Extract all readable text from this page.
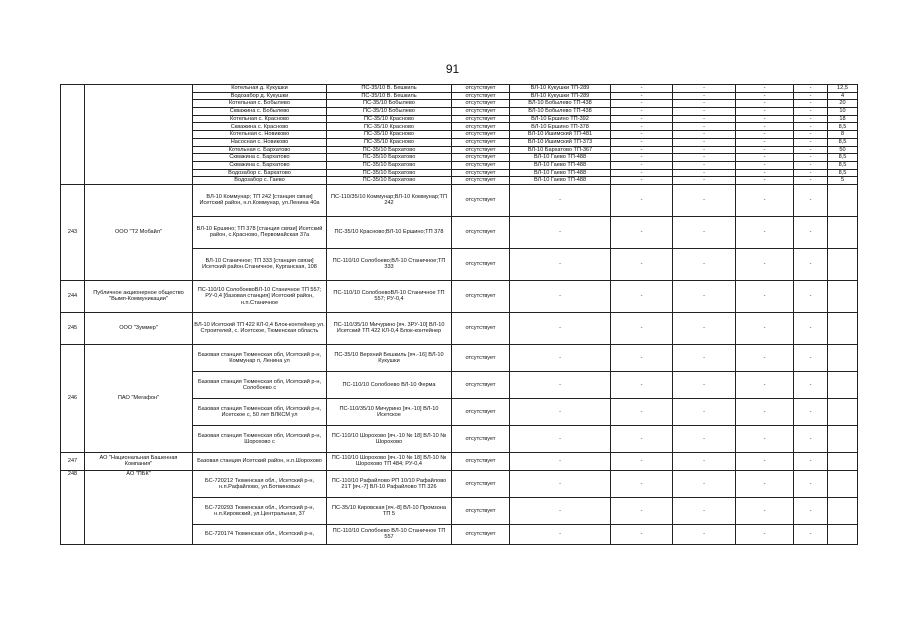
91
		Котельная д. Кукушки	ПС-35/10 В. Бешкиль	отсутствует	ВЛ-10 Кукушки ТП-289	-	-	-	-	12,5
		Водозабор д. Кукушки	ПС-35/10 В. Бешкиль	отсутствует	ВЛ-10 Кукушки ТП-289	-	-	-	-	4
		Котельная с. Бобылево	ПС-35/10 Бобылево	отсутствует	ВЛ-10 Бобылево ТП-438	-	-	-	-	20
		Скважина с. Бобылево	ПС-35/10 Бобылево	отсутствует	ВЛ-10 Бобылево ТП-438	-	-	-	-	10
		Котельная с. Красново	ПС-35/10 Красново	отсутствует	ВЛ-10 Ершино ТП-392	-	-	-	-	18
		Скважина с. Красново	ПС-35/10 Красново	отсутствует	ВЛ-10 Ершино ТП-378	-	-	-	-	8,5
		Котельная с. Новиково	ПС-35/10 Красново	отсутствует	ВЛ-10 Ишимский ТП-481	-	-	-	-	8
		Насосная с. Новиково	ПС-35/10 Красново	отсутствует	ВЛ-10 Ишимский ТП-373	-	-	-	-	8,5
		Котельная с. Бархатово	ПС-35/10 Бархатово	отсутствует	ВЛ-10 Бархатово ТП-367	-	-	-	-	50
		Скважина с. Бархатово	ПС-35/10 Бархатово	отсутствует	ВЛ-10 Гаево ТП-488	-	-	-	-	8,5
		Скважина с. Бархатово	ПС-35/10 Бархатово	отсутствует	ВЛ-10 Гаево ТП-488	-	-	-	-	8,5
		Водозабор с. Бархатово	ПС-35/10 Бархатово	отсутствует	ВЛ-10 Гаево ТП-488	-	-	-	-	8,5
		Водозабор с. Гаево	ПС-35/10 Бархатово	отсутствует	ВЛ-10 Гаево ТП-488	-	-	-	-	5
243	ООО "Т2 Мобайл"	ВЛ-10 Коммунар; ТП 242 [станция связи] Исетский район, н.п.Коммунар, ул.Ленина 40а	ПС-110/35/10 Коммунар;ВЛ-10 Коммунар;ТП 242	отсутствует	-	-	-	-	-	
		ВЛ-10 Ершино; ТП 378 [станция связи] Исетский район, с.Красново, Первомайская 37а	ПС-35/10 Красново;ВЛ-10 Ершино;ТП 378	отсутствует	-	-	-	-	-	
		ВЛ-10 Станичное; ТП 333 [станция связи] Исетский район.Станичное, Курганская, 108	ПС-110/10 Солобоево;ВЛ-10 Станичное;ТП 333	отсутствует	-	-	-	-	-	
244	Публичное акционерное общество "Вымп-Коммуникации"	ПС-110/10 СолобоевоВЛ-10 Станичное ТП 557; РУ-0,4 [базовая станция] Исетский район, н.п.Станичное	ПС-110/10 СолобоевоВЛ-10 Станичное ТП 557; РУ-0,4	отсутствует	-	-	-	-	-	
245	ООО "Зуммер"	ВЛ-10 Исетский ТП 422 КЛ-0,4 Блок-контейнер ул. Строителей, с. Исетское, Тюменская область	ПС-110/35/10 Мичурино [яч. 3РУ-10] ВЛ-10 Исетский ТП 422 КЛ-0,4 Блок-контейнер	отсутствует	-	-	-	-	-	
246	ПАО "Мегафон"	Базовая станция Тюменская обл, Исетский р-н, Коммунар п, Ленина ул	ПС-35/10 Верхний Бешкиль [яч.-16] ВЛ-10 Кукушки	отсутствует	-	-	-	-	-	
		Базовая станция Тюменская обл, Исетский р-н, Солобоево с	ПС-110/10 Солобоево ВЛ-10 Ферма	отсутствует	-	-	-	-	-	
		Базовая станция Тюменская обл, Исетский р-н, Исетское с, 50 лет ВЛКСМ ул	ПС-110/35/10 Мичурино [яч.-10] ВЛ-10 Исетское	отсутствует	-	-	-	-	-	
		Базовая станция Тюменская обл, Исетский р-н, Шорохово с	ПС-110/10 Шорохово [яч.-10 № 18] ВЛ-10 № Шорохово	отсутствует	-	-	-	-	-	
247	АО "Национальная Башенная Компания"	Базовая станция Исетский район, н.п.Шорохово	ПС-110/10 Шорохово [яч.-10 № 18] ВЛ-10 № Шорохово ТП 484; РУ-0,4	отсутствует	-	-	-	-	-	
248	АО "ПБК"	БС-720212 Тюменская обл., Исетский р-н, н.п.Рафайлово, ул.Ботвиновых	ПС-110/10 Рафайлово РП 10/10 Рафайлово 21Т [яч.-7] ВЛ-10 Рафайлово ТП 326	отсутствует	-	-	-	-	-	
		БС-720293 Тюменская обл., Исетский р-н, н.п.Кировский, ул.Центральная, 37	ПС-35/10 Кировская [яч.-8] ВЛ-10 Промзона ТП 5	отсутствует	-	-	-	-	-	
		БС-720174 Тюменская обл., Исетский р-н,	ПС-110/10 Солобоево ВЛ-10 Станичное ТП 557	отсутствует	-	-	-	-	-	
